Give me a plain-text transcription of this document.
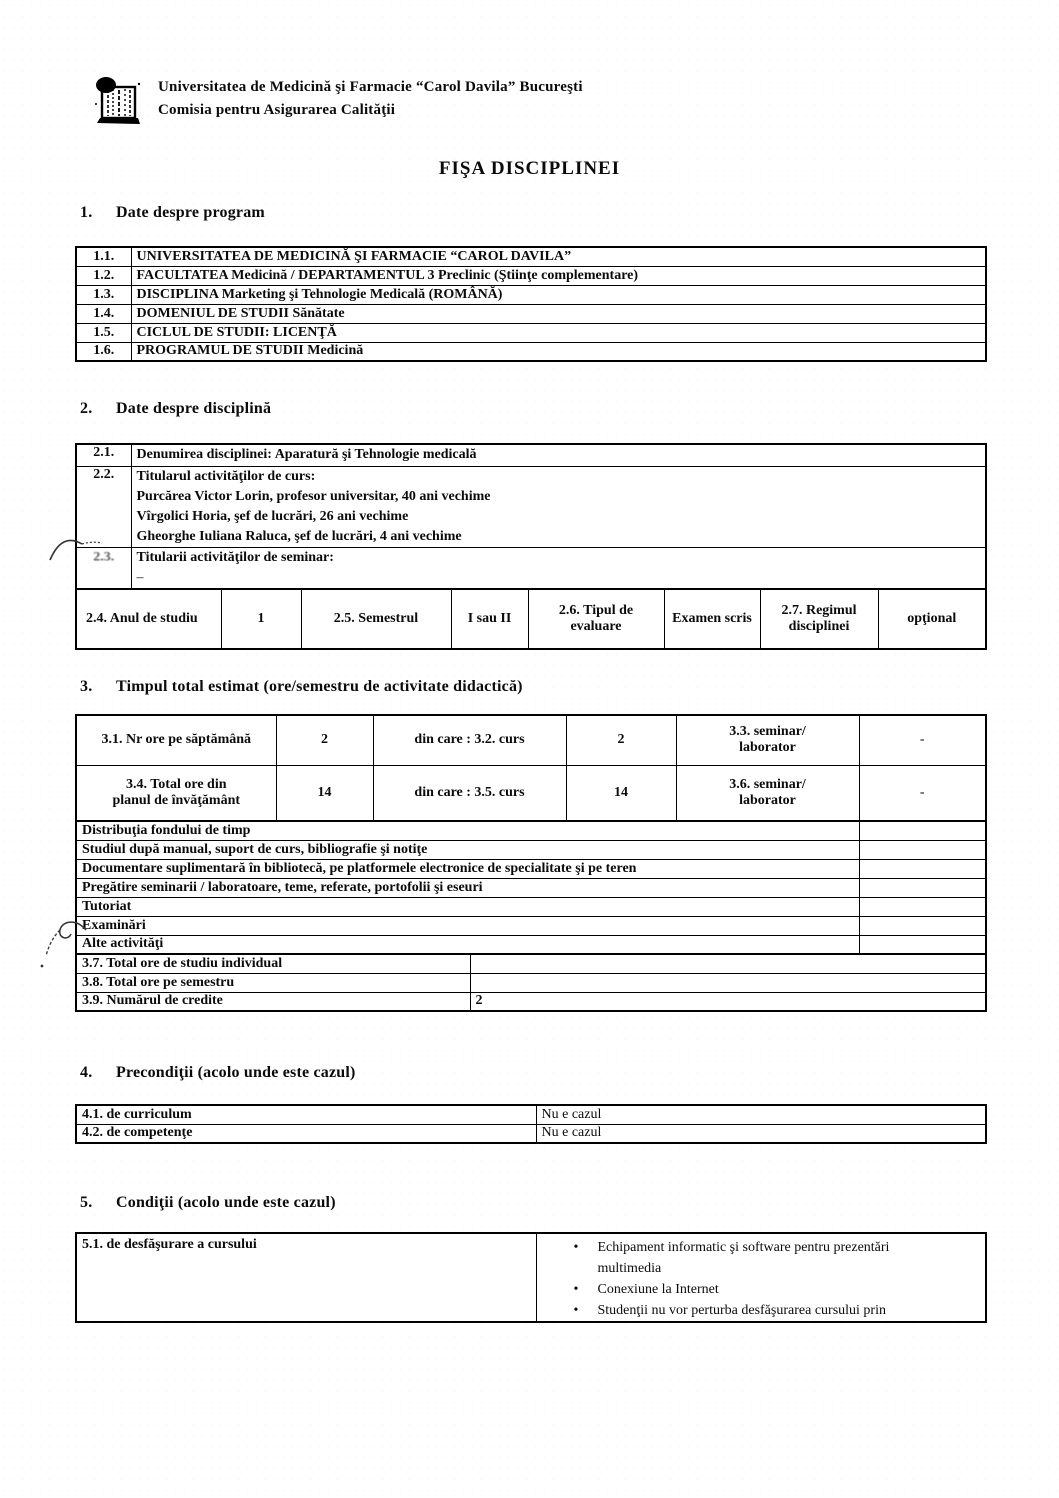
Universitatea de Medicină şi Farmacie “Carol Davila” Bucureşti
Comisia pentru Asigurarea Calităţii
FIŞA DISCIPLINEI
1.	Date despre program
1.1.	UNIVERSITATEA DE MEDICINĂ ŞI FARMACIE “CAROL DAVILA”
1.2.	FACULTATEA Medicină / DEPARTAMENTUL 3 Preclinic (Ştiinţe complementare)
1.3.	DISCIPLINA Marketing şi Tehnologie Medicală (ROMÂNĂ)
1.4.	DOMENIUL DE STUDII Sănătate
1.5.	CICLUL DE STUDII: LICENŢĂ
1.6.	PROGRAMUL DE STUDII Medicină
2.	Date despre disciplină
2.1.	Denumirea disciplinei: Aparatură şi Tehnologie medicală
2.2.	Titularul activităţilor de curs:
Purcărea Victor Lorin, profesor universitar, 40 ani vechime
Vîrgolici Horia, şef de lucrări, 26 ani vechime
Gheorghe Iuliana Raluca, şef de lucrări, 4 ani vechime

2.3.	Titularii activităţilor de seminar:
–
2.4. Anul de studiu	1	2.5. Semestrul	I sau II	2.6. Tipul de evaluare	Examen scris	2.7. Regimul disciplinei	opţional
3.	Timpul total estimat (ore/semestru de activitate didactică)
3.1. Nr ore pe săptămână	2	din care : 3.2. curs	2	3.3. seminar/ laborator	-

3.4. Total ore din planul de învăţământ	14	din care : 3.5. curs	14	3.6. seminar/ laborator	-
Distribuţia fondului de timp	
Studiul după manual, suport de curs, bibliografie şi notiţe	
Documentare suplimentară în bibliotecă, pe platformele electronice de specialitate şi pe teren	
Pregătire seminarii / laboratoare, teme, referate, portofolii şi eseuri	
Tutoriat	
Examinări	
Alte activităţi	
3.7. Total ore de studiu individual	
3.8. Total ore pe semestru	
3.9. Numărul de credite	2
4.	Precondiţii (acolo unde este cazul)
4.1. de curriculum	Nu e cazul
4.2. de competenţe	Nu e cazul
5.	Condiţii (acolo unde este cazul)
5.1. de desfăşurare a cursului	•	Echipament informatic şi software pentru prezentări multimedia
•	Conexiune la Internet
•	Studenţii nu vor perturba desfăşurarea cursului prin
